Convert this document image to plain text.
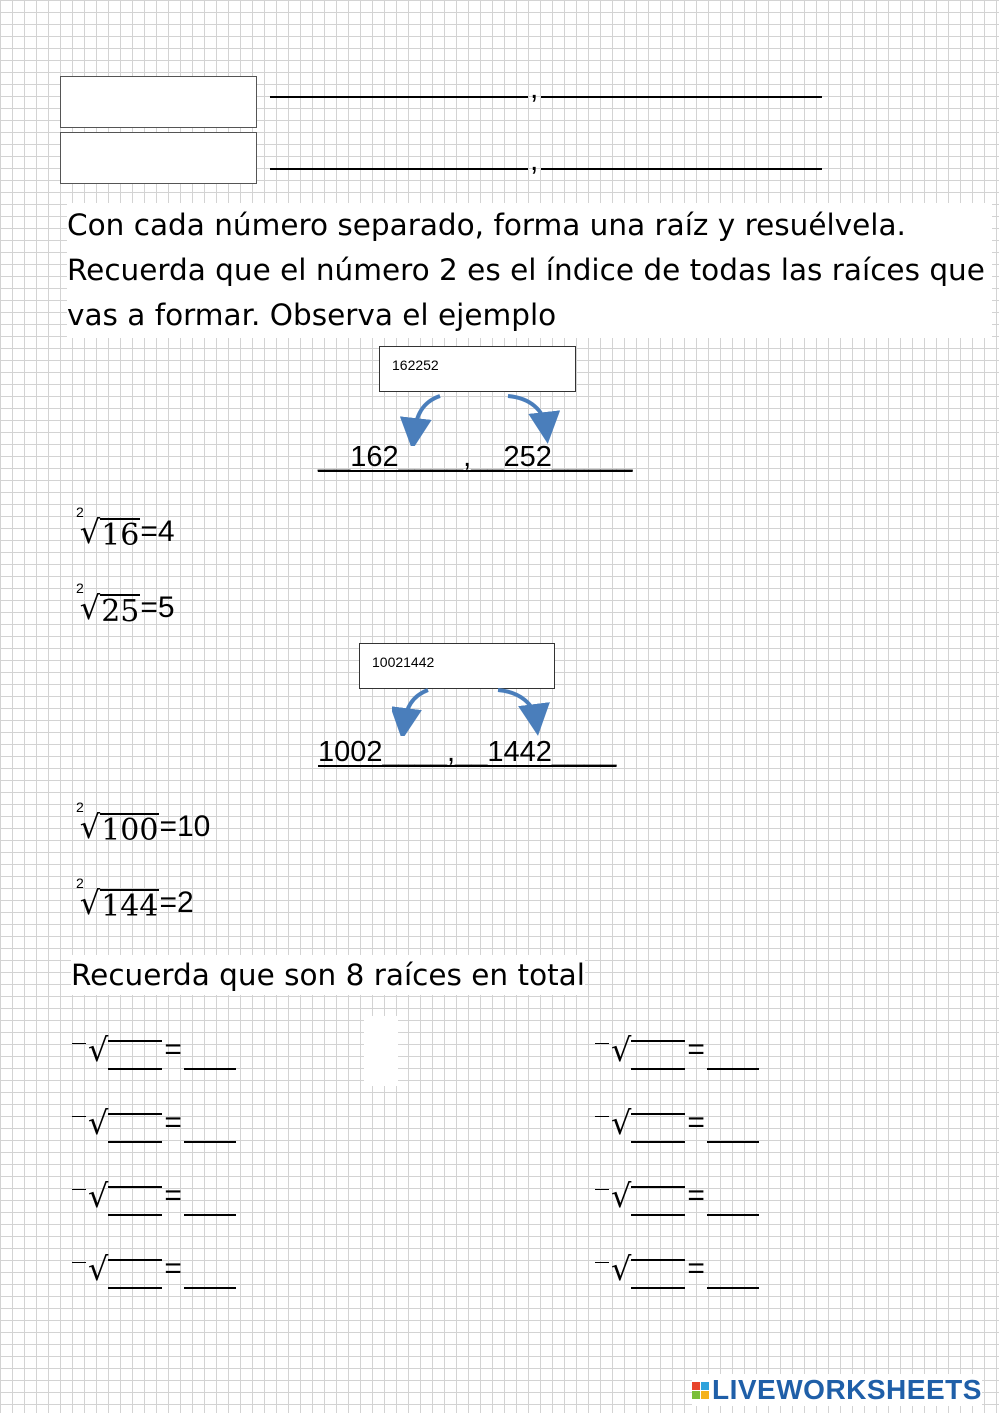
,
,
Con cada número separado, forma una raíz y resuélvela. Recuerda que el número 2 es el índice de todas las raíces que vas a formar. Observa el ejemplo
162252
__162____,__252_____
2
√ 16 =4
2
√ 25 =5
10021442
1002____,__1442____
2
√ 100 =10
2
√ 144 =2
Recuerda que son 8 raíces en total
√ =
√ =
√ =
√ =
√ =
√ =
√ =
√ =
LIVEWORKSHEETS
